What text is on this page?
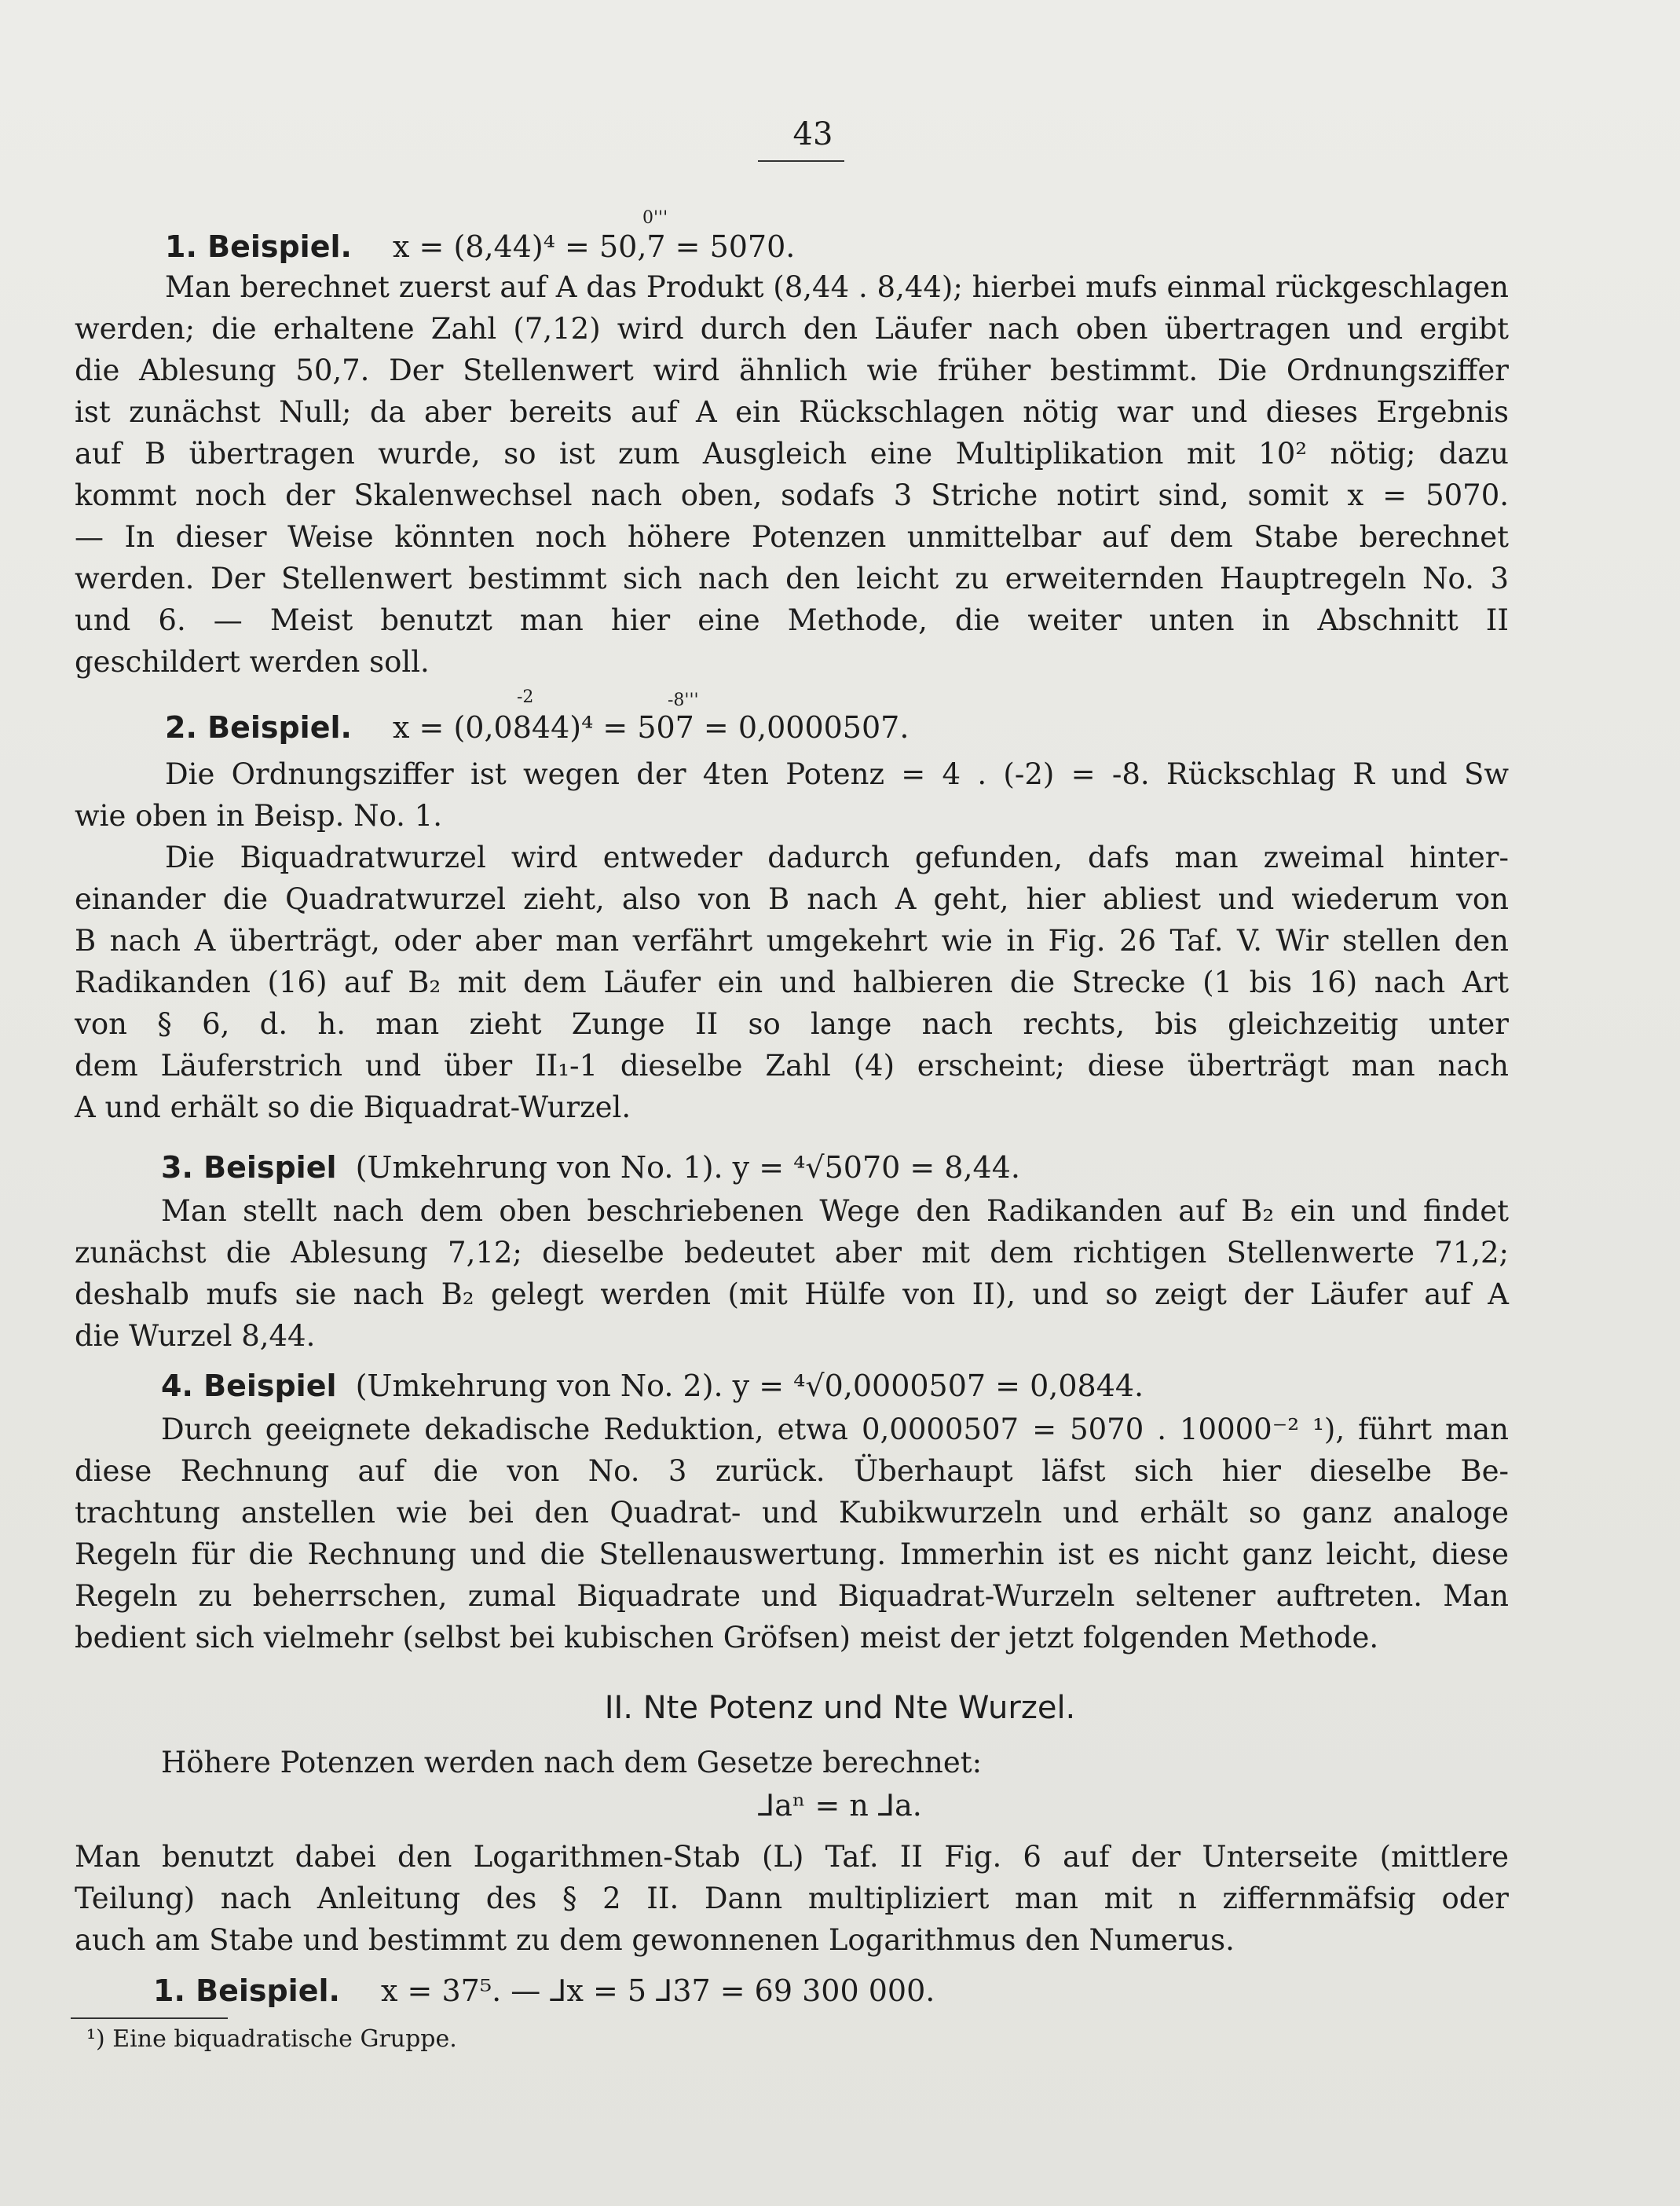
43
1. Beispiel. x = (8,44)⁴ = 50,7 = 5070.
0'''
Man berechnet zuerst auf A das Produkt (8,44 . 8,44); hierbei mufs einmal rückgeschlagen
werden; die erhaltene Zahl (7,12) wird durch den Läufer nach oben übertragen und ergibt
die Ablesung 50,7. Der Stellenwert wird ähnlich wie früher bestimmt. Die Ordnungsziffer
ist zunächst Null; da aber bereits auf A ein Rückschlagen nötig war und dieses Ergebnis
auf B übertragen wurde, so ist zum Ausgleich eine Multiplikation mit 10² nötig; dazu
kommt noch der Skalenwechsel nach oben, sodafs 3 Striche notirt sind, somit x = 5070.
— In dieser Weise könnten noch höhere Potenzen unmittelbar auf dem Stabe berechnet
werden. Der Stellenwert bestimmt sich nach den leicht zu erweiternden Hauptregeln No. 3
und 6. — Meist benutzt man hier eine Methode, die weiter unten in Abschnitt II
geschildert werden soll.
2. Beispiel. x = (0,0844)⁴ = 507 = 0,0000507.
-2	-8'''
Die Ordnungsziffer ist wegen der 4ten Potenz = 4 . (-2) = -8. Rückschlag R und Sw
wie oben in Beisp. No. 1.
Die Biquadratwurzel wird entweder dadurch gefunden, dafs man zweimal hinter-
einander die Quadratwurzel zieht, also von B nach A geht, hier abliest und wiederum von
B nach A überträgt, oder aber man verfährt umgekehrt wie in Fig. 26 Taf. V. Wir stellen den
Radikanden (16) auf B₂ mit dem Läufer ein und halbieren die Strecke (1 bis 16) nach Art
von § 6, d. h. man zieht Zunge II so lange nach rechts, bis gleichzeitig unter
dem Läuferstrich und über II₁-1 dieselbe Zahl (4) erscheint; diese überträgt man nach
A und erhält so die Biquadrat-Wurzel.
3. Beispiel (Umkehrung von No. 1). y = ⁴√5070 = 8,44.
Man stellt nach dem oben beschriebenen Wege den Radikanden auf B₂ ein und findet
zunächst die Ablesung 7,12; dieselbe bedeutet aber mit dem richtigen Stellenwerte 71,2;
deshalb mufs sie nach B₂ gelegt werden (mit Hülfe von II), und so zeigt der Läufer auf A
die Wurzel 8,44.
4. Beispiel (Umkehrung von No. 2). y = ⁴√0,0000507 = 0,0844.
Durch geeignete dekadische Reduktion, etwa 0,0000507 = 5070 . 10000⁻² ¹), führt man
diese Rechnung auf die von No. 3 zurück. Überhaupt läfst sich hier dieselbe Be-
trachtung anstellen wie bei den Quadrat- und Kubikwurzeln und erhält so ganz analoge
Regeln für die Rechnung und die Stellenauswertung. Immerhin ist es nicht ganz leicht, diese
Regeln zu beherrschen, zumal Biquadrate und Biquadrat-Wurzeln seltener auftreten. Man
bedient sich vielmehr (selbst bei kubischen Gröfsen) meist der jetzt folgenden Methode.
II. Nte Potenz und Nte Wurzel.
Höhere Potenzen werden nach dem Gesetze berechnet:
⅃aⁿ = n ⅃a.
Man benutzt dabei den Logarithmen-Stab (L) Taf. II Fig. 6 auf der Unterseite (mittlere
Teilung) nach Anleitung des § 2 II. Dann multipliziert man mit n ziffernmäfsig oder
auch am Stabe und bestimmt zu dem gewonnenen Logarithmus den Numerus.
1. Beispiel. x = 37⁵. — ⅃x = 5 ⅃37 = 69 300 000.
¹) Eine biquadratische Gruppe.
